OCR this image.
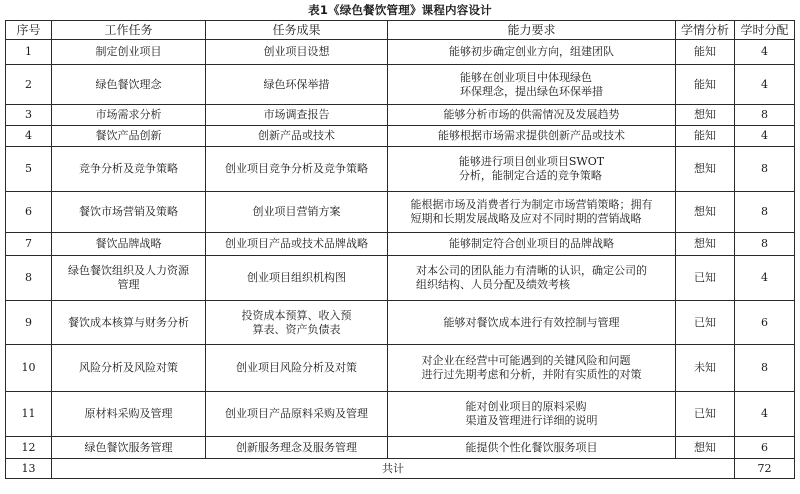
表1《绿色餐饮管理》课程内容设计
序号	工作任务	任务成果	能力要求	学情分析	学时分配
1	制定创业项目	创业项目设想	能够初步确定创业方向，组建团队	能知	4
2	绿色餐饮理念	绿色环保举措	能够在创业项目中体现绿色
环保理念，提出绿色环保举措	能知	4
3	市场需求分析	市场调查报告	能够分析市场的供需情况及发展趋势	想知	8
4	餐饮产品创新	创新产品或技术	能够根据市场需求提供创新产品或技术	能知	4
5	竞争分析及竞争策略	创业项目竞争分析及竞争策略	能够进行项目创业项目SWOT
分析，能制定合适的竞争策略	想知	8
6	餐饮市场营销及策略	创业项目营销方案	能根据市场及消费者行为制定市场营销策略；拥有
短期和长期发展战略及应对不同时期的营销战略	想知	8
7	餐饮品牌战略	创业项目产品或技术品牌战略	能够制定符合创业项目的品牌战略	想知	8
8	绿色餐饮组织及人力资源
管理	创业项目组织机构图	对本公司的团队能力有清晰的认识，确定公司的
组织结构、人员分配及绩效考核	已知	4
9	餐饮成本核算与财务分析	投资成本预算、收入预
算表、资产负债表	能够对餐饮成本进行有效控制与管理	已知	6
10	风险分析及风险对策	创业项目风险分析及对策	对企业在经营中可能遇到的关键风险和问题
进行过先期考虑和分析，并附有实质性的对策	未知	8
11	原材料采购及管理	创业项目产品原料采购及管理	能对创业项目的原料采购
渠道及管理进行详细的说明	已知	4
12	绿色餐饮服务管理	创新服务理念及服务管理	能提供个性化餐饮服务项目	想知	6
13	共计				72
